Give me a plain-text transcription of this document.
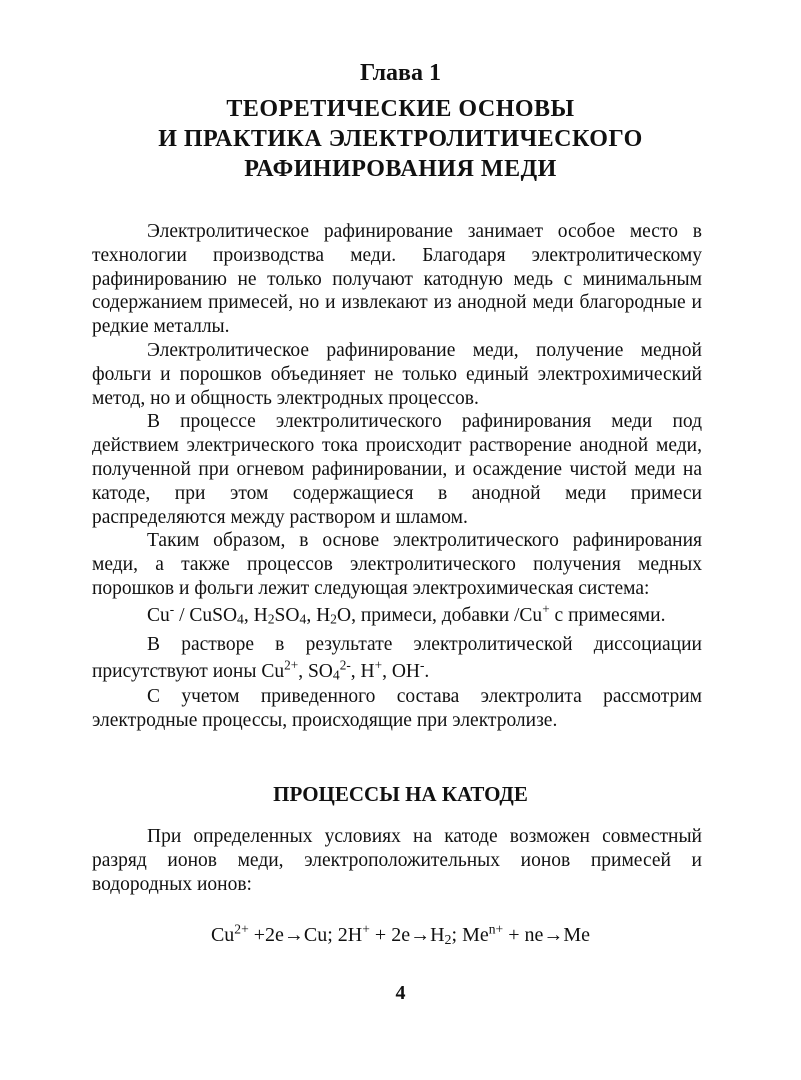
Глава 1
ТЕОРЕТИЧЕСКИЕ ОСНОВЫ
И ПРАКТИКА ЭЛЕКТРОЛИТИЧЕСКОГО
РАФИНИРОВАНИЯ МЕДИ

Электролитическое рафинирование занимает особое место в технологии производства меди. Благодаря электролитическому рафинированию не только получают катодную медь с минимальным содержанием примесей, но и извлекают из анодной меди благородные и редкие металлы.

Электролитическое рафинирование меди, получение медной фольги и порошков объединяет не только единый электрохимический метод, но и общность электродных процессов.

В процессе электролитического рафинирования меди под действием электрического тока происходит растворение анодной меди, полученной при огневом рафинировании, и осаждение чистой меди на катоде, при этом содержащиеся в анодной меди примеси распределяются между раствором и шламом.

Таким образом, в основе электролитического рафинирования меди, а также процессов электролитического получения медных порошков и фольги лежит следующая электрохимическая система:

Cu- / CuSO$_4$, $H_2SO_4$, $H_2O$, примеси, добавки /Cu+ с примесями.

В растворе в результате электролитической диссоциации присутствуют ионы $Cu^{2+}$, $SO_4^{2-}$, H+, OH-.

С учетом приведенного состава электролита рассмотрим электродные процессы, происходящие при электролизе.

ПРОЦЕССЫ НА КАТОДЕ

При определенных условиях на катоде возможен совместный разряд ионов меди, электроположительных ионов примесей и водородных ионов:

$Cu^{2+} +2e\to Cu$; $2H^+ + 2e\to H_2$; $Me^{n+} + ne\to Me$
4
